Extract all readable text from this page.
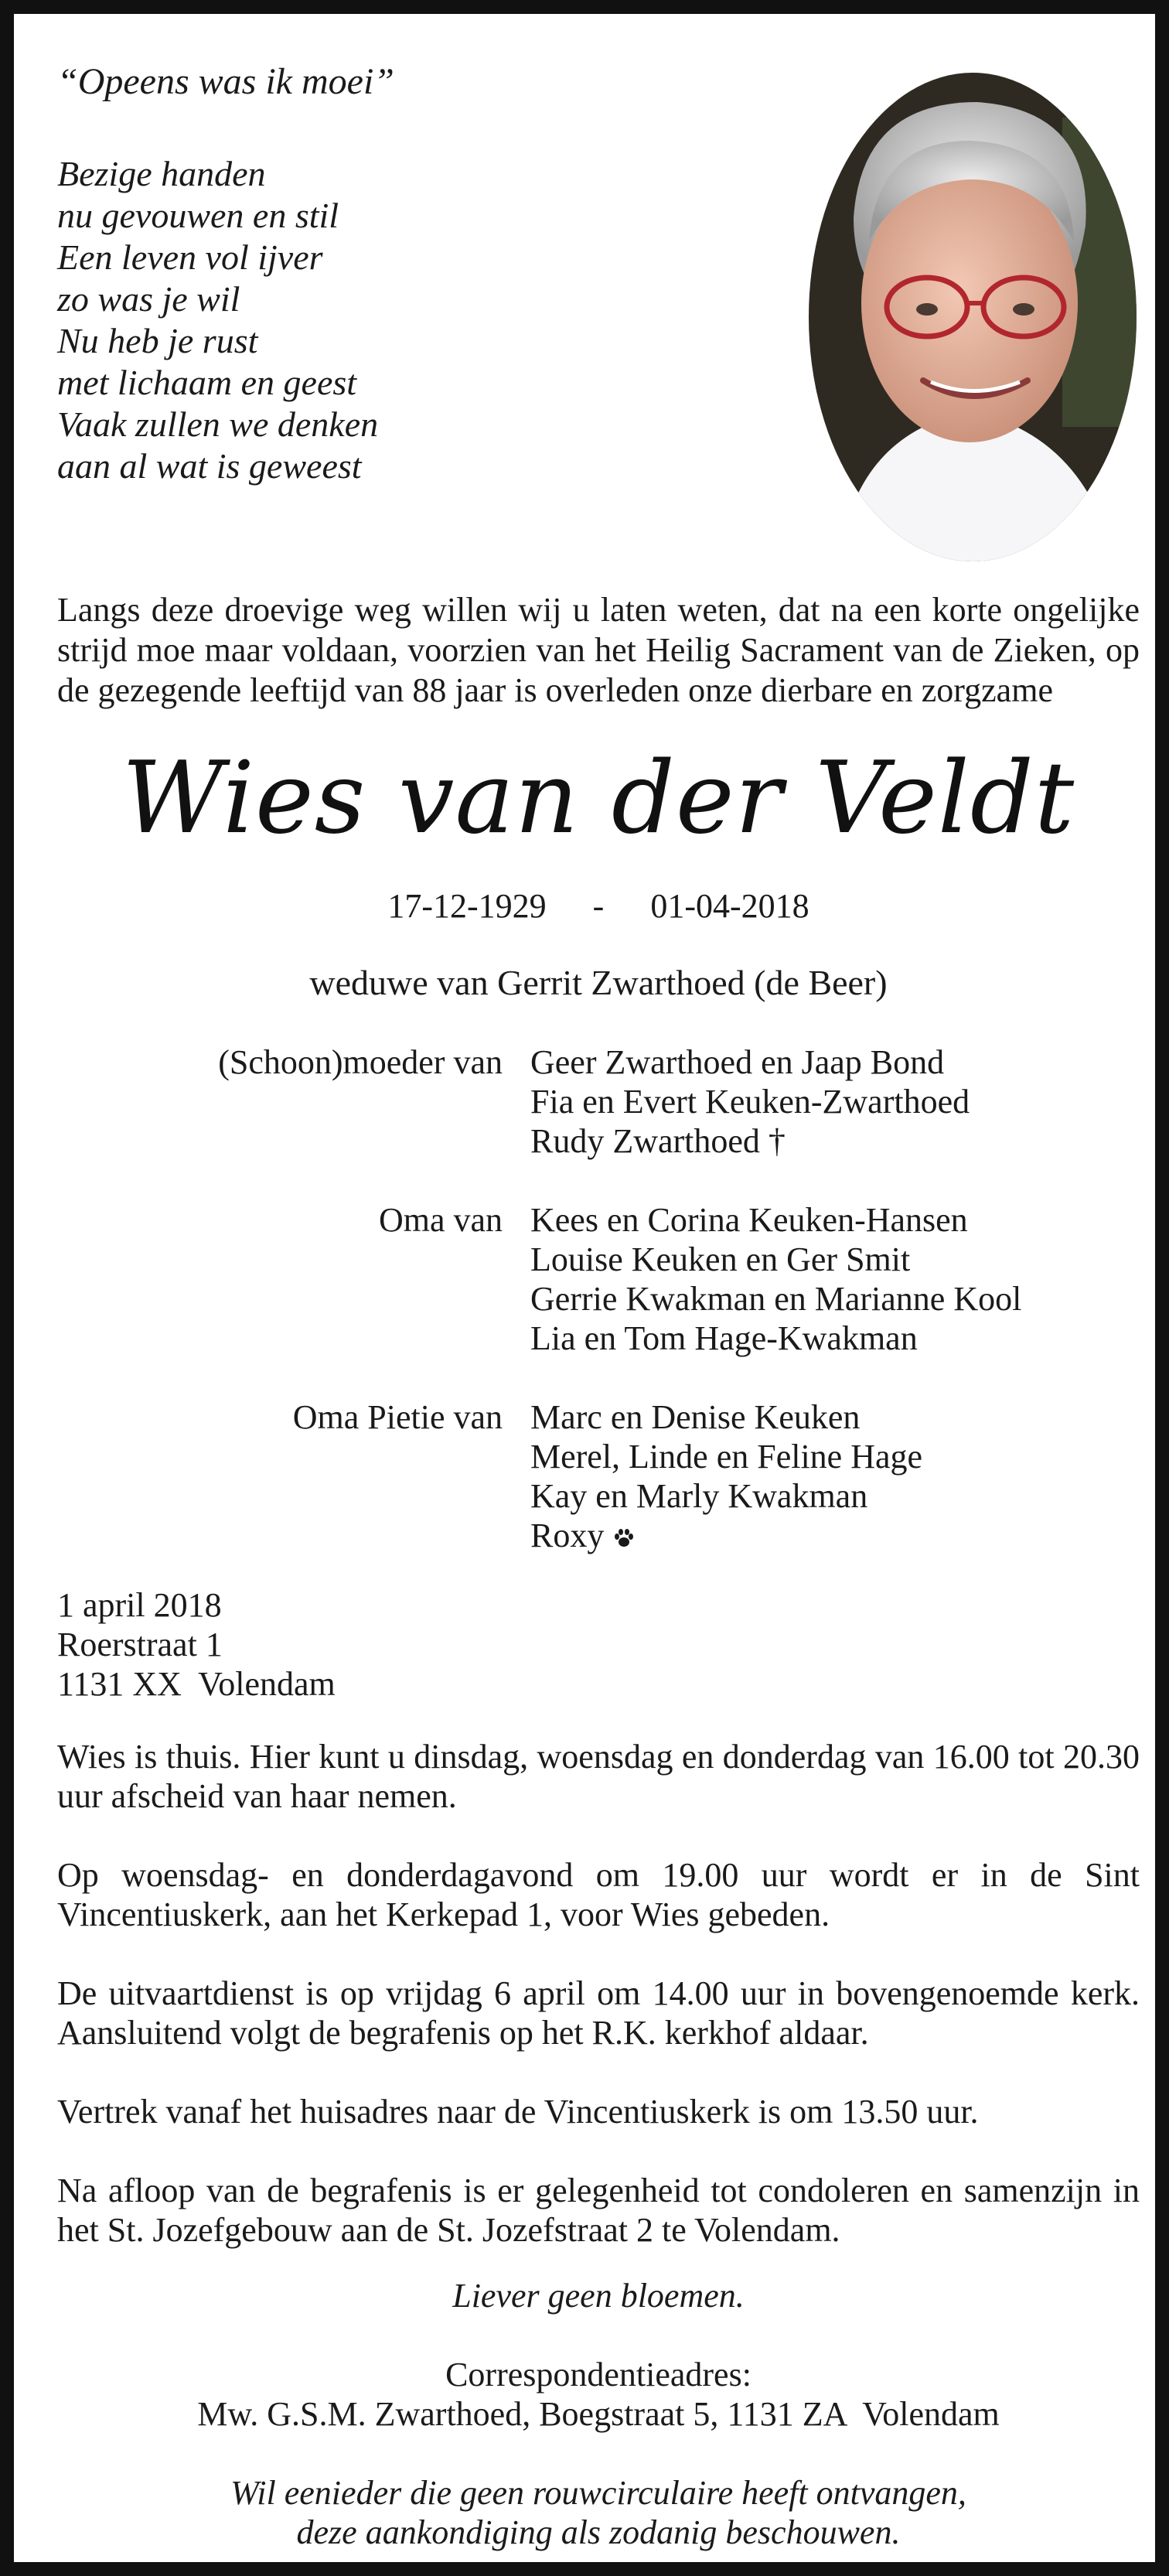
“Opeens was ik moei”
Bezige handen
nu gevouwen en stil
Een leven vol ijver
zo was je wil
Nu heb je rust
met lichaam en geest
Vaak zullen we denken
aan al wat is geweest
Langs deze droevige weg willen wij u laten weten, dat na een korte ongelijke strijd moe maar voldaan, voorzien van het Heilig Sacrament van de Zieken, op de gezegende leeftijd van 88 jaar is overleden onze dierbare en zorgzame
Wies van der Veldt
17-12-1929 - 01-04-2018
weduwe van Gerrit Zwarthoed (de Beer)
(Schoon)moeder van Geer Zwarthoed en Jaap Bond
Fia en Evert Keuken-Zwarthoed
Rudy Zwarthoed †
Oma van Kees en Corina Keuken-Hansen
Louise Keuken en Ger Smit
Gerrie Kwakman en Marianne Kool
Lia en Tom Hage-Kwakman
Oma Pietie van Marc en Denise Keuken
Merel, Linde en Feline Hage
Kay en Marly Kwakman
Roxy
1 april 2018
Roerstraat 1
1131 XX  Volendam

Wies is thuis. Hier kunt u dinsdag, woensdag en donderdag van 16.00 tot 20.30 uur afscheid van haar nemen.

Op woensdag- en donderdagavond om 19.00 uur wordt er in de Sint Vincentiuskerk, aan het Kerkepad 1, voor Wies gebeden.

De uitvaartdienst is op vrijdag 6 april om 14.00 uur in bovengenoemde kerk. Aansluitend volgt de begrafenis op het R.K. kerkhof aldaar.

Vertrek vanaf het huisadres naar de Vincentiuskerk is om 13.50 uur.

Na afloop van de begrafenis is er gelegenheid tot condoleren en samenzijn in het St. Jozefgebouw aan de St. Jozefstraat 2 te Volendam.

Liever geen bloemen.
Correspondentieadres:
Mw. G.S.M. Zwarthoed, Boegstraat 5, 1131 ZA  Volendam
Wil eenieder die geen rouwcirculaire heeft ontvangen,
deze aankondiging als zodanig beschouwen.
